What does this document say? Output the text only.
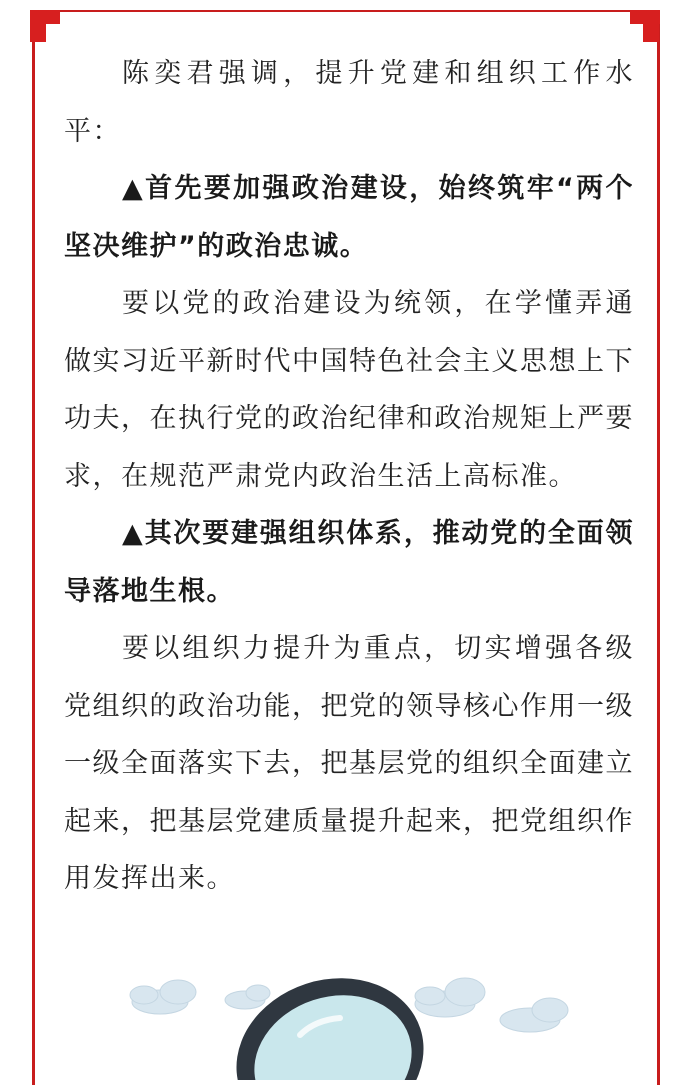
陈奕君强调，提升党建和组织工作水平：

▲首先要加强政治建设，始终筑牢“两个坚决维护”的政治忠诚。

要以党的政治建设为统领，在学懂弄通做实习近平新时代中国特色社会主义思想上下功夫，在执行党的政治纪律和政治规矩上严要求，在规范严肃党内政治生活上高标准。

▲其次要建强组织体系，推动党的全面领导落地生根。

要以组织力提升为重点，切实增强各级党组织的政治功能，把党的领导核心作用一级一级全面落实下去，把基层党的组织全面建立起来，把基层党建质量提升起来，把党组织作用发挥出来。
